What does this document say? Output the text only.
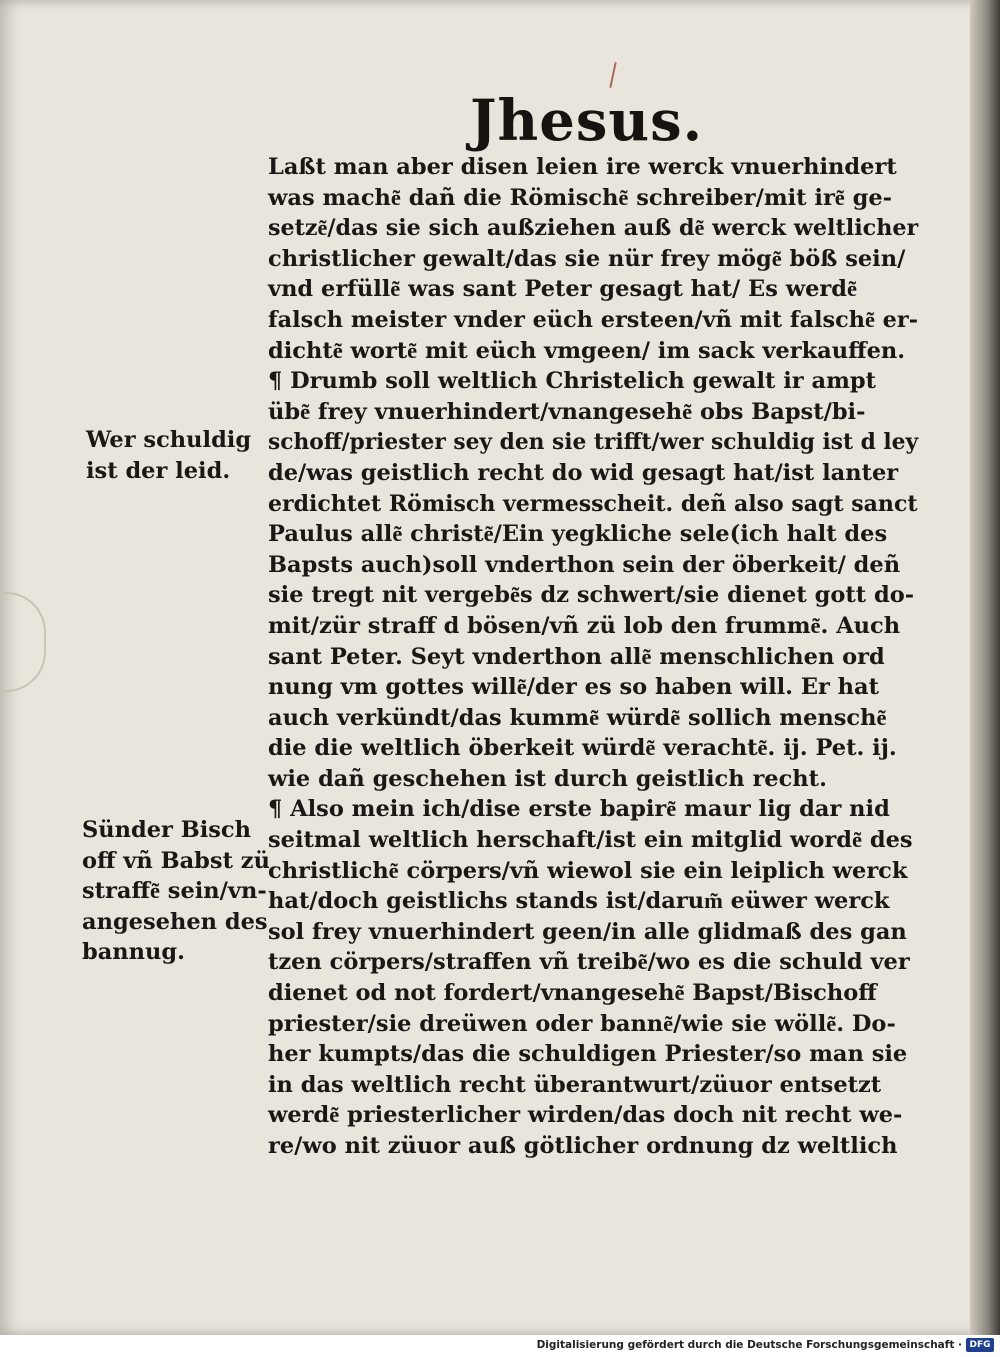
Jhesus.
Laßt man aber disen leien ire werck vnuerhindert
was mache͂ dañ die Römische͂ schreiber/mit ire͂ ge-
setze͂/das sie sich außziehen auß de͂ werck weltlicher
christlicher gewalt/das sie nür frey möge͂ böß sein/
vnd erfülle͂ was sant Peter gesagt hat/ Es werde͂
falsch meister vnder eüch ersteen/vñ mit falsche͂ er-
dichte͂ worte͂ mit eüch vmgeen/ im sack verkauffen.
¶ Drumb soll weltlich Christelich gewalt ir ampt
übe͂ frey vnuerhindert/vnangesehe͂ obs Bapst/bi-
schoff/priester sey den sie trifft/wer schuldig ist d ley
de/was geistlich recht do wid gesagt hat/ist lanter
erdichtet Römisch vermesscheit. deñ also sagt sanct
Paulus alle͂ christe͂/Ein yegkliche sele(ich halt des
Bapsts auch)soll vnderthon sein der öberkeit/ deñ
sie tregt nit vergebe͂s dz schwert/sie dienet gott do-
mit/zür straff d bösen/vñ zü lob den frumme͂. Auch
sant Peter. Seyt vnderthon alle͂ menschlichen ord
nung vm gottes wille͂/der es so haben will. Er hat
auch verkündt/das kumme͂ würde͂ sollich mensche͂
die die weltlich öberkeit würde͂ verachte͂. ij. Pet. ij.
wie dañ geschehen ist durch geistlich recht.
¶ Also mein ich/dise erste bapire͂ maur lig dar nid
seitmal weltlich herschaft/ist ein mitglid worde͂ des
christliche͂ cörpers/vñ wiewol sie ein leiplich werck
hat/doch geistlichs stands ist/darum͂ eüwer werck
sol frey vnuerhindert geen/in alle glidmaß des gan
tzen cörpers/straffen vñ treibe͂/wo es die schuld ver
dienet od not fordert/vnangesehe͂ Bapst/Bischoff
priester/sie dreüwen oder banne͂/wie sie wölle͂. Do-
her kumpts/das die schuldigen Priester/so man sie
in das weltlich recht überantwurt/züuor entsetzt
werde͂ priesterlicher wirden/das doch nit recht we-
re/wo nit züuor auß götlicher ordnung dz weltlich
Wer schuldig
ist der leid.
Sünder Bisch
off vñ Babst zü
straffe͂ sein/vn-
angesehen des
bannug.
Digitalisierung gefördert durch die Deutsche Forschungsgemeinschaft · DFG
